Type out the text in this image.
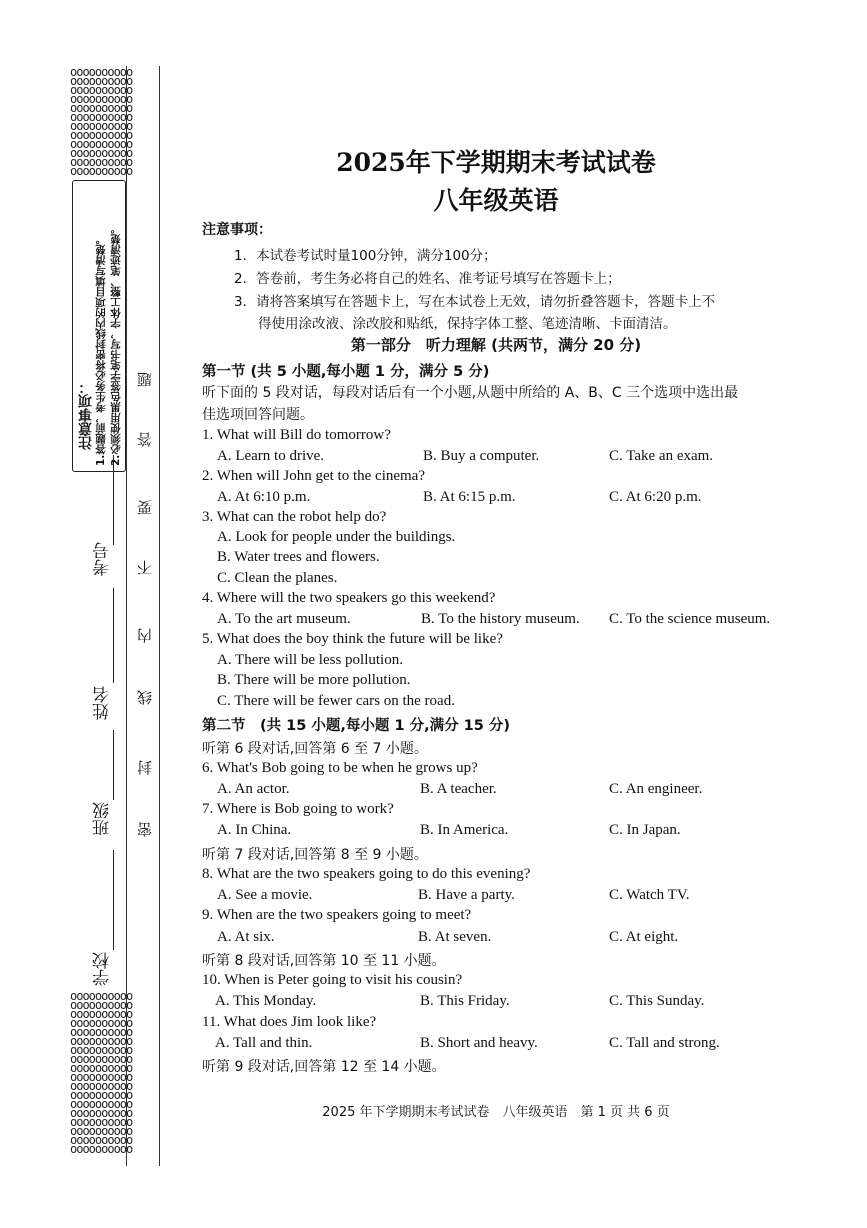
oooooooooo
oooooooooo
oooooooooo
oooooooooo
oooooooooo
oooooooooo
oooooooooo
oooooooooo
oooooooooo
oooooooooo
oooooooooo
oooooooooo
oooooooooo
oooooooooo
oooooooooo
oooooooooo
oooooooooo
oooooooooo
oooooooooo
oooooooooo
oooooooooo
oooooooooo
oooooooooo
oooooooooo
oooooooooo
oooooooooo
oooooooooo
oooooooooo
oooooooooo
oooooooooo
注意事项： 1.答题前，考生务必将密封线内的项目填写清楚。 2.必须使用黑色签字笔书写，字体工整、笔迹清楚。
考号
姓名
班级
学校
题
答
要
不
内
线
封
密
2025年下学期期末考试试卷
八年级英语
注意事项：
1．本试卷考试时量100分钟，满分100分；
2．答卷前，考生务必将自己的姓名、准考证号填写在答题卡上；
3．请将答案填写在答题卡上，写在本试卷上无效，请勿折叠答题卡，答题卡上不
得使用涂改液、涂改胶和贴纸，保持字体工整、笔迹清晰、卡面清洁。
第一部分　听力理解 (共两节，满分 20 分)
第一节 (共 5 小题,每小题 1 分，满分 5 分)
听下面的 5 段对话，每段对话后有一个小题,从题中所给的 A、B、C 三个选项中选出最
佳选项回答问题。
1. What will Bill do tomorrow?
A. Learn to drive.	B. Buy a computer.	C. Take an exam.
2. When will John get to the cinema?
A. At 6:10 p.m.	B. At 6:15 p.m.	C. At 6:20 p.m.
3. What can the robot help do?
A. Look for people under the buildings.
B. Water trees and flowers.
C. Clean the planes.
4. Where will the two speakers go this weekend?
A. To the art museum.	B. To the history museum. C. To the science museum.
5. What does the boy think the future will be like?
A. There will be less pollution.
B. There will be more pollution.
C. There will be fewer cars on the road.
第二节　(共 15 小题,每小题 1 分,满分 15 分)
听第 6 段对话,回答第 6 至 7 小题。
6. What's Bob going to be when he grows up?
A. An actor.	B. A teacher.	C. An engineer.
7. Where is Bob going to work?
A. In China.	B. In America.	C. In Japan.
听第 7 段对话,回答第 8 至 9 小题。
8. What are the two speakers going to do this evening?
A. See a movie.	B. Have a party.	C. Watch TV.
9. When are the two speakers going to meet?
A. At six.	B. At seven.	C. At eight.
听第 8 段对话,回答第 10 至 11 小题。
10. When is Peter going to visit his cousin?
A. This Monday.	B. This Friday.	C. This Sunday.
11. What does Jim look like?
A. Tall and thin.	B. Short and heavy.	C. Tall and strong.
听第 9 段对话,回答第 12 至 14 小题。
2025 年下学期期末考试试卷　八年级英语　第 1 页 共 6 页
